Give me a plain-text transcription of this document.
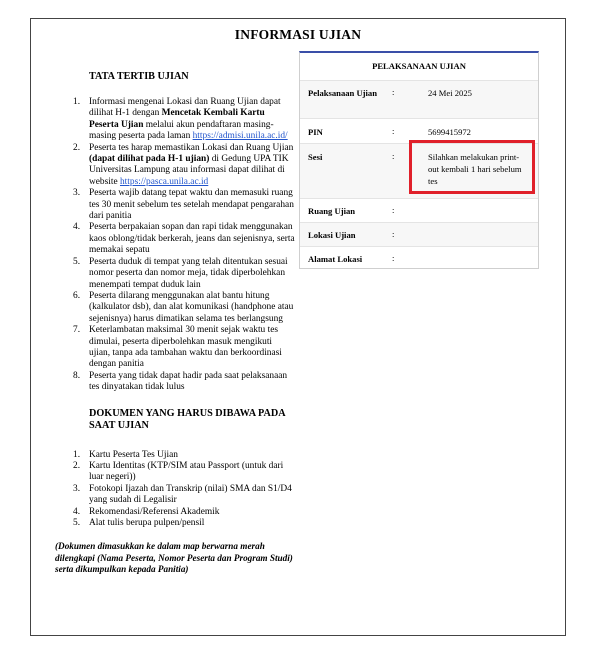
INFORMASI UJIAN
TATA TERTIB UJIAN
1. Informasi mengenai Lokasi dan Ruang Ujian dapat dilihat H-1 dengan Mencetak Kembali Kartu Peserta Ujian melalui akun pendaftaran masing-masing peserta pada laman https://admisi.unila.ac.id/
2. Peserta tes harap memastikan Lokasi dan Ruang Ujian (dapat dilihat pada H-1 ujian) di Gedung UPA TIK Universitas Lampung atau informasi dapat dilihat di website https://pasca.unila.ac.id
3. Peserta wajib datang tepat waktu dan memasuki ruang tes 30 menit sebelum tes setelah mendapat pengarahan dari panitia
4. Peserta berpakaian sopan dan rapi tidak menggunakan kaos oblong/tidak berkerah, jeans dan sejenisnya, serta memakai sepatu
5. Peserta duduk di tempat yang telah ditentukan sesuai nomor peserta dan nomor meja, tidak diperbolehkan menempati tempat duduk lain
6. Peserta dilarang menggunakan alat bantu hitung (kalkulator dsb), dan alat komunikasi (handphone atau sejenisnya) harus dimatikan selama tes berlangsung
7. Keterlambatan maksimal 30 menit sejak waktu tes dimulai, peserta diperbolehkan masuk mengikuti ujian, tanpa ada tambahan waktu dan berkoordinasi dengan panitia
8. Peserta yang tidak dapat hadir pada saat pelaksanaan tes dinyatakan tidak lulus
DOKUMEN YANG HARUS DIBAWA PADA SAAT UJIAN
1. Kartu Peserta Tes Ujian
2. Kartu Identitas (KTP/SIM atau Passport (untuk dari luar negeri))
3. Fotokopi Ijazah dan Transkrip (nilai) SMA dan S1/D4 yang sudah di Legalisir
4. Rekomendasi/Referensi Akademik
5. Alat tulis berupa pulpen/pensil
(Dokumen dimasukkan ke dalam map berwarna merah dilengkapi (Nama Peserta, Nomor Peserta dan Program Studi) serta dikumpulkan kepada Panitia)
PELAKSANAAN UJIAN
Pelaksanaan Ujian	:	24 Mei 2025
PIN	:	5699415972
Sesi	:	Silahkan melakukan print-out kembali 1 hari sebelum tes
Ruang Ujian	:
Lokasi Ujian	:
Alamat Lokasi	:
